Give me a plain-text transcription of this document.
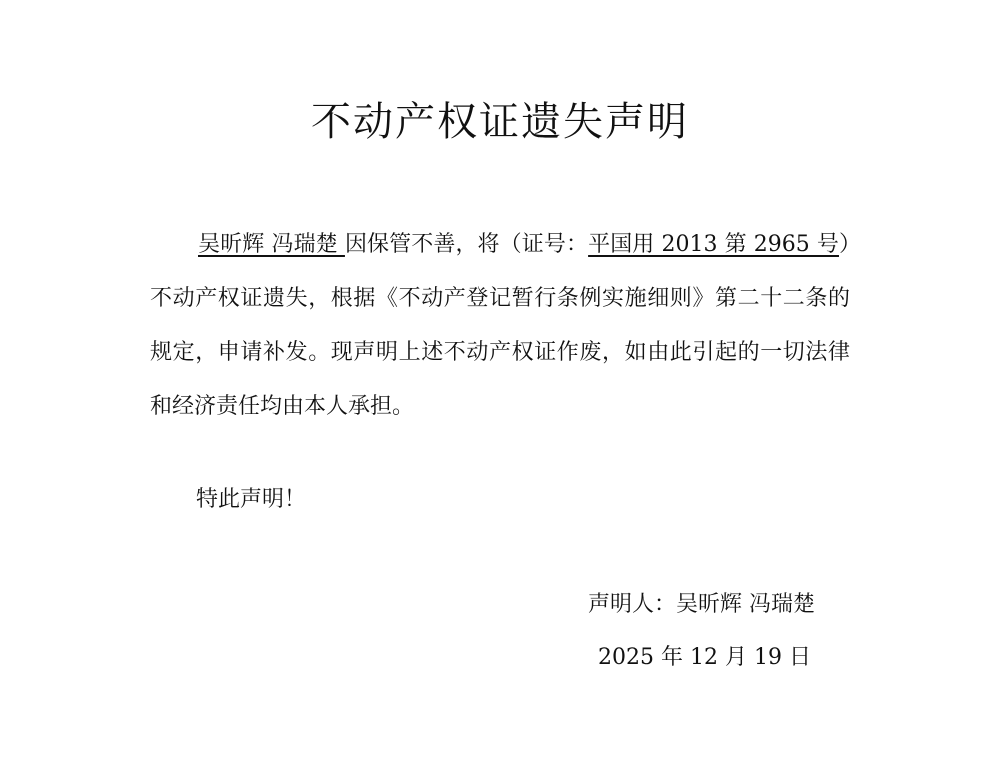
不动产权证遗失声明
吴昕辉 冯瑞楚 因保管不善，将（证号：平国用 2013 第 2965 号）不动产权证遗失，根据《不动产登记暂行条例实施细则》第二十二条的规定，申请补发。现声明上述不动产权证作废，如由此引起的一切法律和经济责任均由本人承担。
特此声明！
声明人：吴昕辉 冯瑞楚
2025 年 12 月 19 日
